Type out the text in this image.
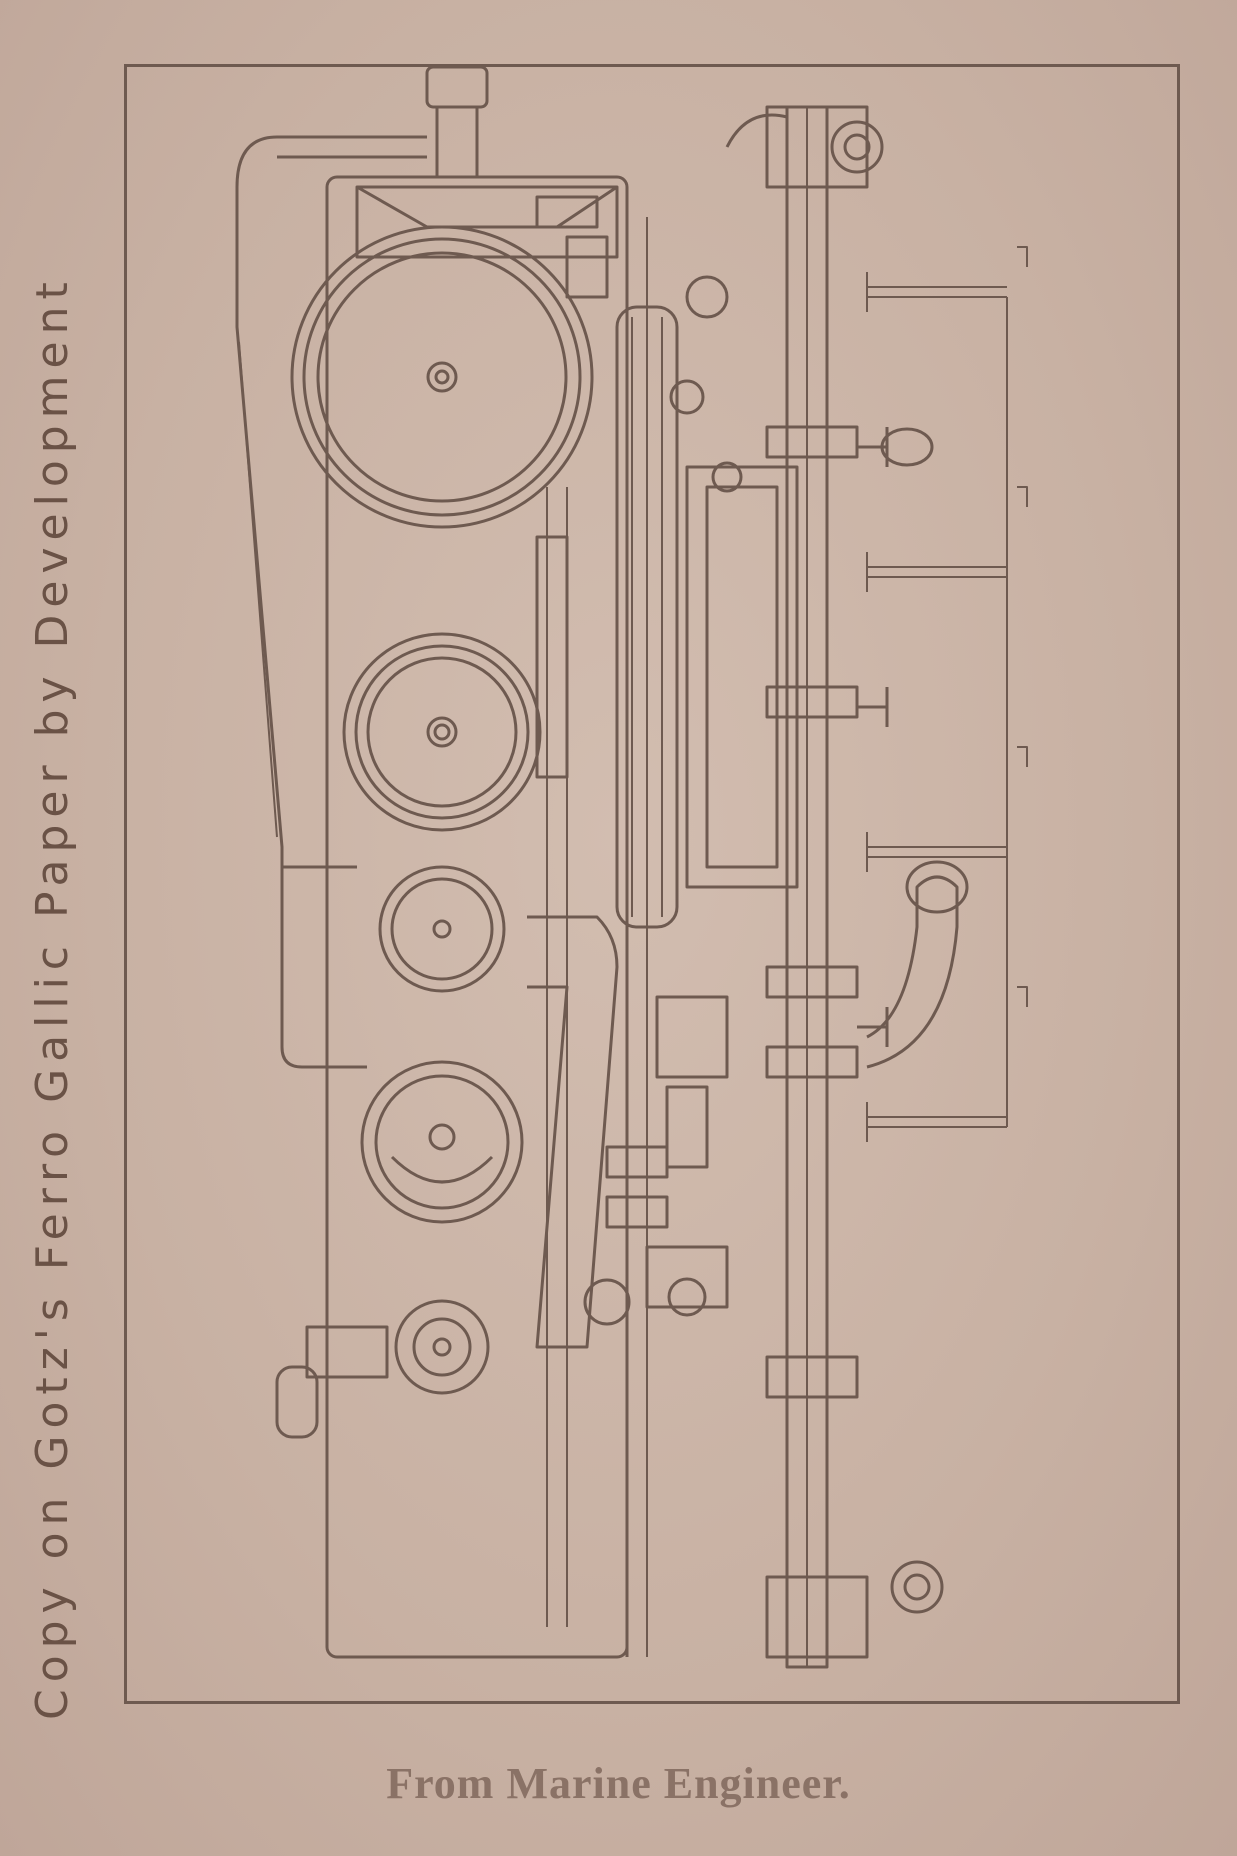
Copy on Gotz's Ferro Gallic Paper by Development
From Marine Engineer.
